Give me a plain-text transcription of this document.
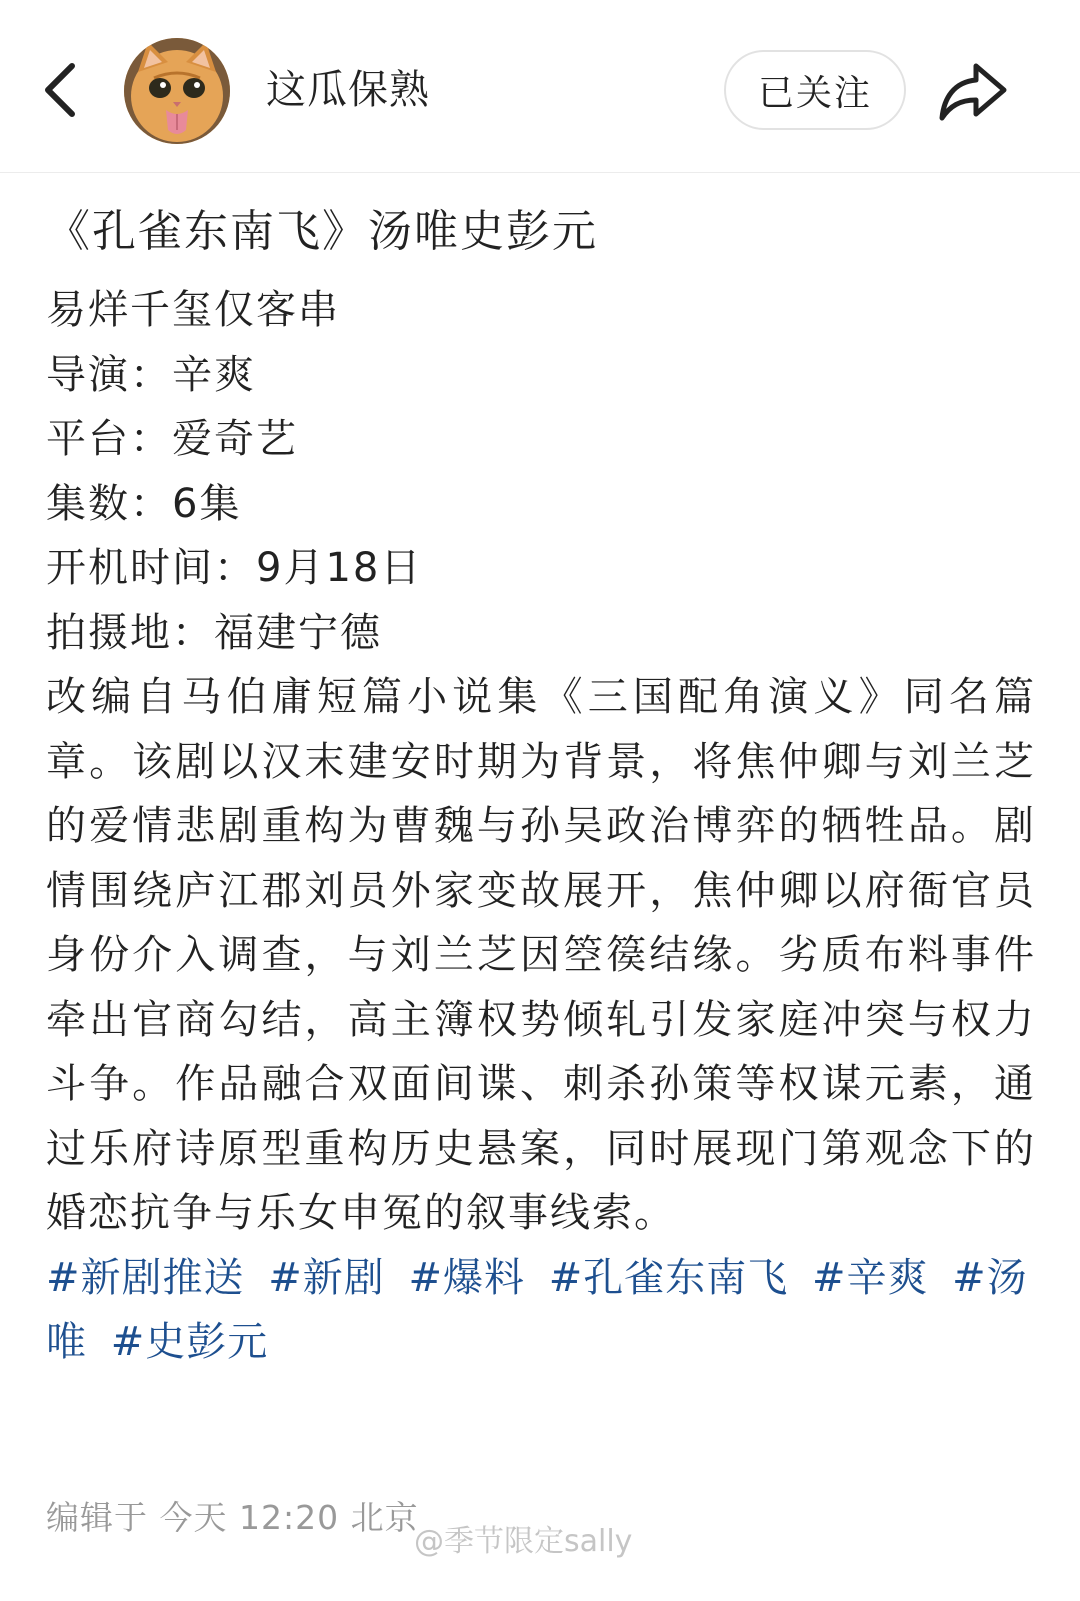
这瓜保熟	已关注
《孔雀东南飞》汤唯史彭元
易烊千玺仅客串
导演：辛爽
平台：爱奇艺
集数：6集
开机时间：9月18日
拍摄地：福建宁德
改编自马伯庸短篇小说集《三国配角演义》同名篇章。该剧以汉末建安时期为背景，将焦仲卿与刘兰芝的爱情悲剧重构为曹魏与孙吴政治博弈的牺牲品。剧情围绕庐江郡刘员外家变故展开，焦仲卿以府衙官员身份介入调查，与刘兰芝因箜篌结缘。劣质布料事件牵出官商勾结，高主簿权势倾轧引发家庭冲突与权力斗争。作品融合双面间谍、刺杀孙策等权谋元素，通过乐府诗原型重构历史悬案，同时展现门第观念下的婚恋抗争与乐女申冤的叙事线索。
#新剧推送 #新剧 #爆料 #孔雀东南飞 #辛爽 #汤唯 #史彭元
编辑于 今天 12:20 北京
@季节限定sally
